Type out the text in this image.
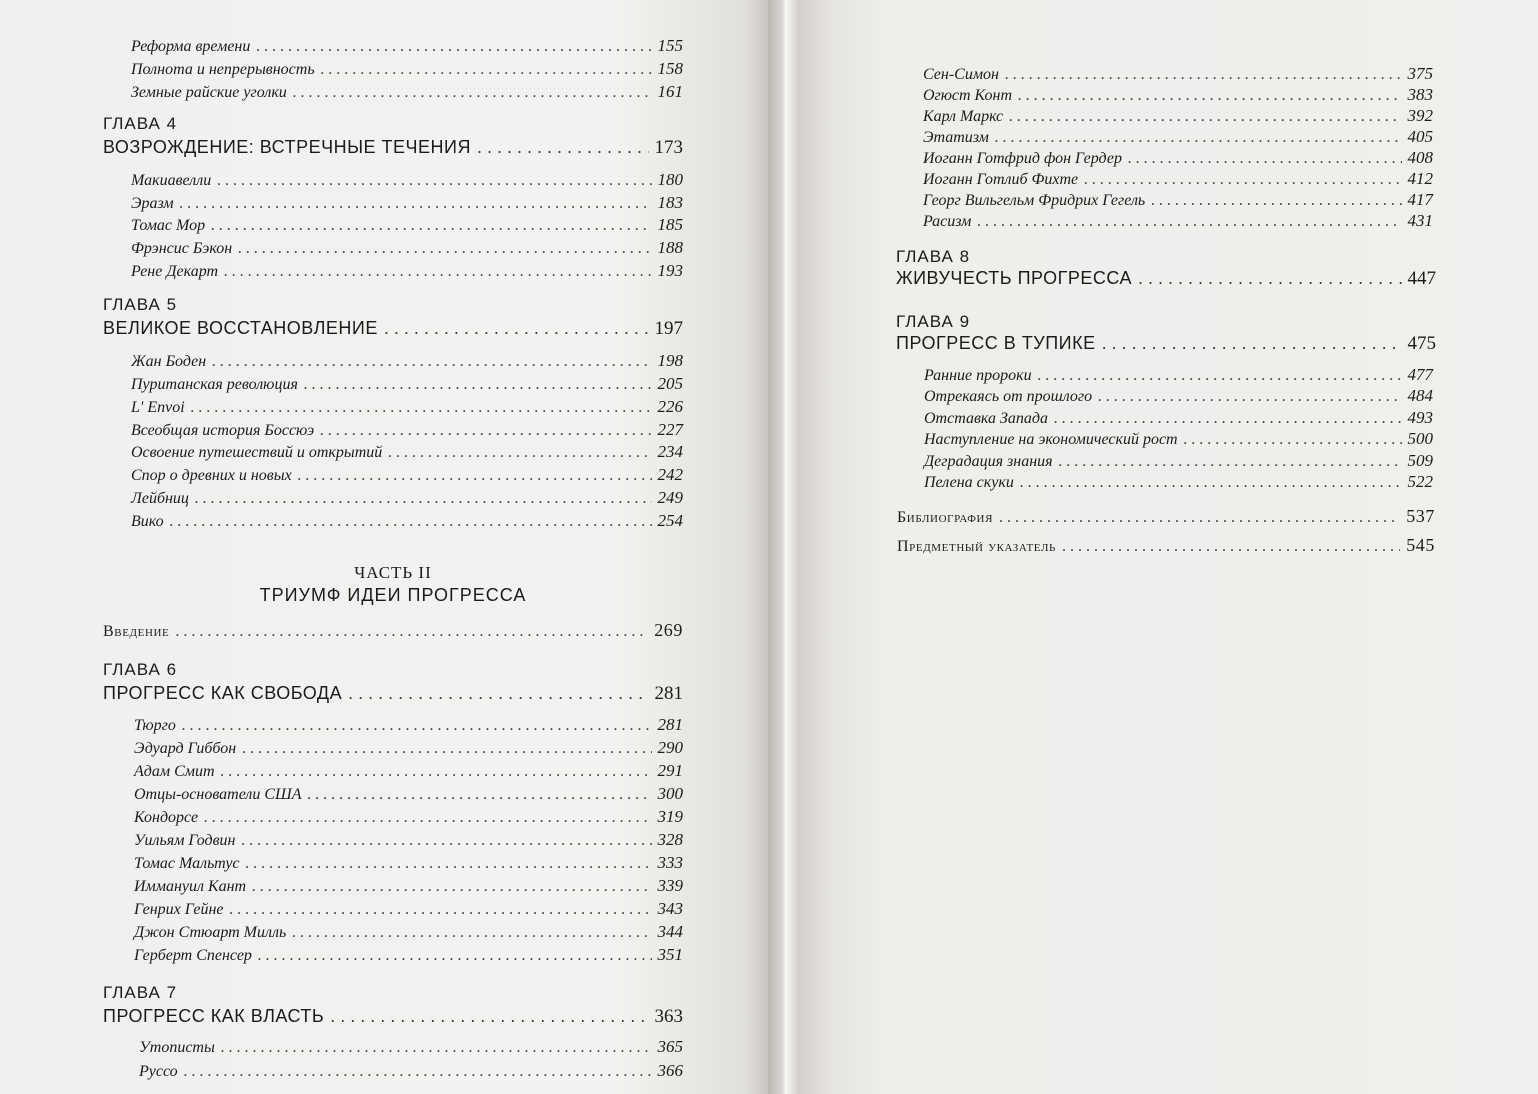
Реформа времени . . .	155
Полнота и непрерывность . . .	158
Земные райские уголки . . .	161
ГЛАВА 4
ВОЗРОЖДЕНИЕ: ВСТРЕЧНЫЕ ТЕЧЕНИЯ . . .	173
Макиавелли . . .	180
Эразм . . .	183
Томас Мор . . .	185
Фрэнсис Бэкон . . .	188
Рене Декарт . . .	193
ГЛАВА 5
ВЕЛИКОЕ ВОССТАНОВЛЕНИЕ . . .	197
Жан Боден . . .	198
Пуританская революция . . .	205
L' Envoi . . .	226
Всеобщая история Боссюэ . . .	227
Освоение путешествий и открытий . . .	234
Спор о древних и новых . . .	242
Лейбниц . . .	249
Вико . . .	254
ЧАСТЬ II
ТРИУМФ ИДЕИ ПРОГРЕССА
Введение . . .	269
ГЛАВА 6
ПРОГРЕСС КАК СВОБОДА . . .	281
Тюрго . . .	281
Эдуард Гиббон . . .	290
Адам Смит . . .	291
Отцы-основатели США . . .	300
Кондорсе . . .	319
Уильям Годвин . . .	328
Томас Мальтус . . .	333
Иммануил Кант . . .	339
Генрих Гейне . . .	343
Джон Стюарт Милль . . .	344
Герберт Спенсер . . .	351
ГЛАВА 7
ПРОГРЕСС КАК ВЛАСТЬ . . .	363
Утописты . . .	365
Руссо . . .	366
Сен-Симон . . .	375
Огюст Конт . . .	383
Карл Маркс . . .	392
Этатизм . . .	405
Иоганн Готфрид фон Гердер . . .	408
Иоганн Готлиб Фихте . . .	412
Георг Вильгельм Фридрих Гегель . . .	417
Расизм . . .	431
ГЛАВА 8
ЖИВУЧЕСТЬ ПРОГРЕССА . . .	447
ГЛАВА 9
ПРОГРЕСС В ТУПИКЕ . . .	475
Ранние пророки . . .	477
Отрекаясь от прошлого . . .	484
Отставка Запада . . .	493
Наступление на экономический рост . . .	500
Деградация знания . . .	509
Пелена скуки . . .	522
Библиография . . .	537
Предметный указатель . . .	545
